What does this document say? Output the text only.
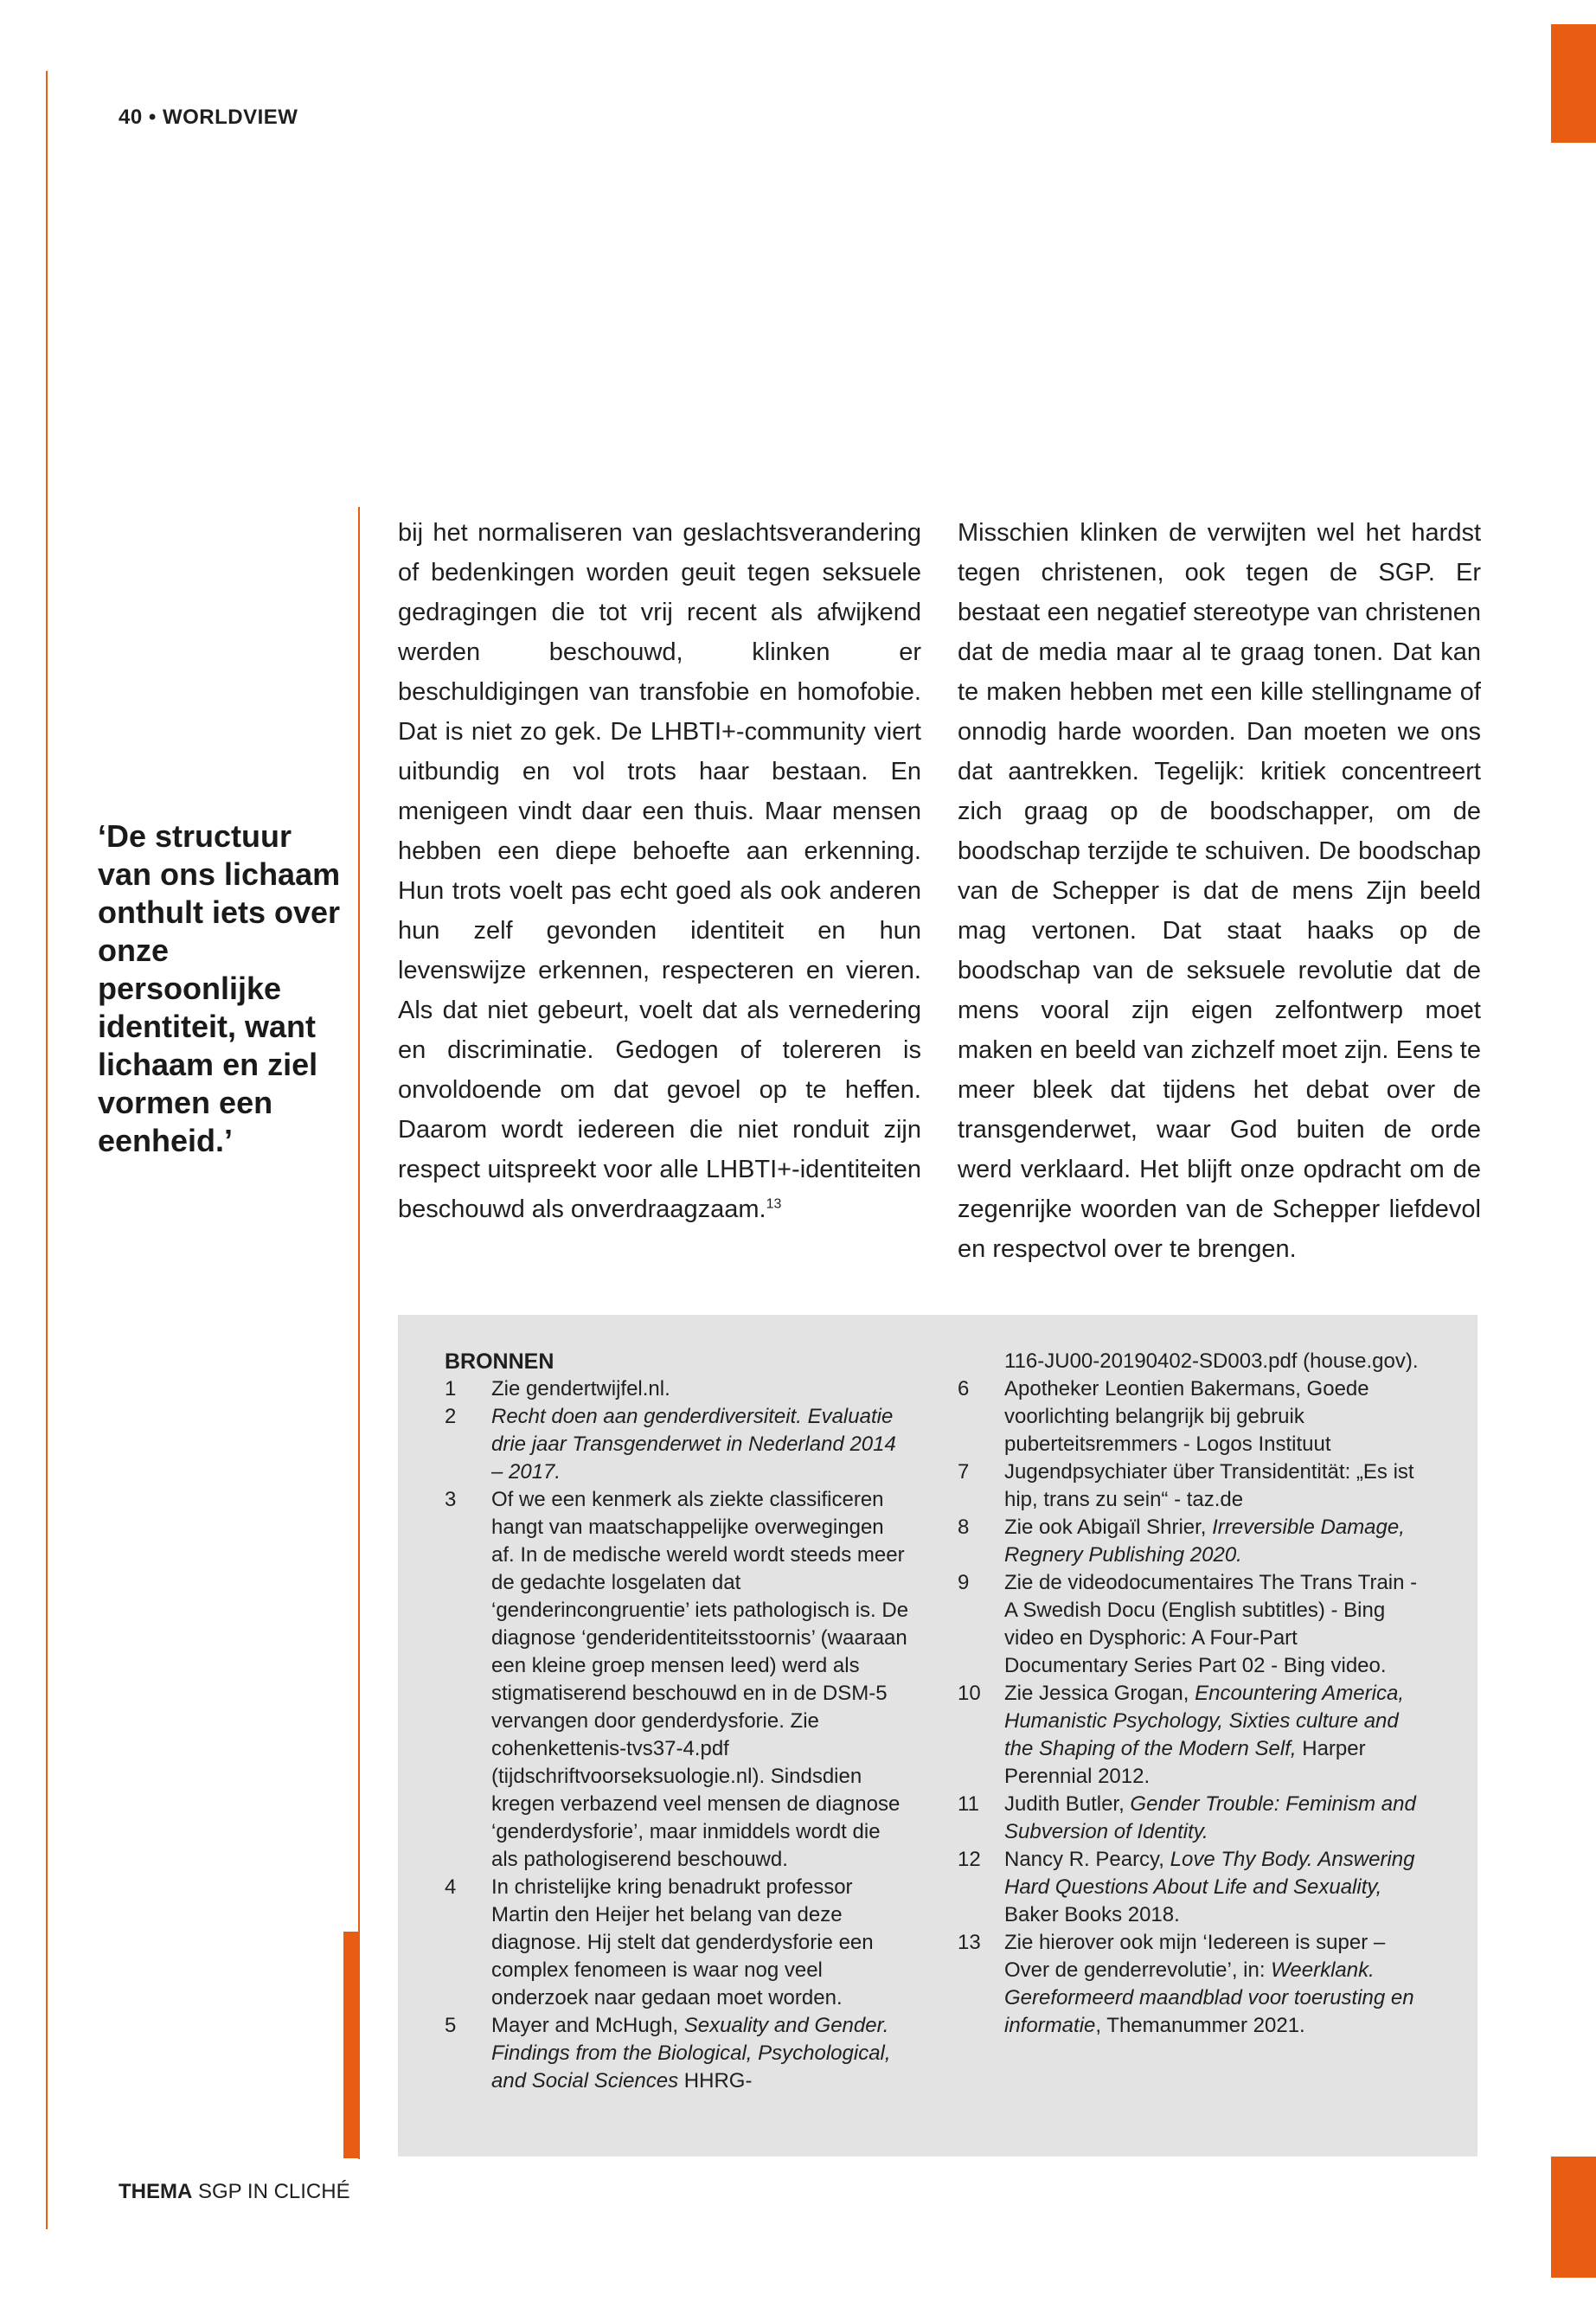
40 • WORLDVIEW
‘De structuur van ons lichaam onthult iets over onze persoonlijke identiteit, want lichaam en ziel vormen een eenheid.’
bij het normaliseren van geslachtsverandering of bedenkingen worden geuit tegen seksuele gedragingen die tot vrij recent als afwijkend werden beschouwd, klinken er beschuldigingen van transfobie en homofobie. Dat is niet zo gek. De LHBTI+-community viert uitbundig en vol trots haar bestaan. En menigeen vindt daar een thuis. Maar mensen hebben een diepe behoefte aan erkenning. Hun trots voelt pas echt goed als ook anderen hun zelf gevonden identiteit en hun levenswijze erkennen, respecteren en vieren. Als dat niet gebeurt, voelt dat als vernedering en discriminatie. Gedogen of tolereren is onvoldoende om dat gevoel op te heffen. Daarom wordt iedereen die niet ronduit zijn respect uitspreekt voor alle LHBTI+-identiteiten beschouwd als onverdraagzaam.$^{13}$
Misschien klinken de verwijten wel het hardst tegen christenen, ook tegen de SGP. Er bestaat een negatief stereotype van christenen dat de media maar al te graag tonen. Dat kan te maken hebben met een kille stellingname of onnodig harde woorden. Dan moeten we ons dat aantrekken. Tegelijk: kritiek concentreert zich graag op de boodschapper, om de boodschap terzijde te schuiven. De boodschap van de Schepper is dat de mens Zijn beeld mag vertonen. Dat staat haaks op de boodschap van de seksuele revolutie dat de mens vooral zijn eigen zelfontwerp moet maken en beeld van zichzelf moet zijn. Eens te meer bleek dat tijdens het debat over de transgenderwet, waar God buiten de orde werd verklaard. Het blijft onze opdracht om de zegenrijke woorden van de Schepper liefdevol en respectvol over te brengen.
BRONNEN
1	Zie gendertwijfel.nl.
2	Recht doen aan genderdiversiteit. Evaluatie drie jaar Transgenderwet in Nederland 2014 – 2017.
3	Of we een kenmerk als ziekte classificeren hangt van maatschappelijke overwegingen af. In de medische wereld wordt steeds meer de gedachte losgelaten dat ‘genderincongruentie’ iets pathologisch is. De diagnose ‘genderidentiteitsstoornis’ (waaraan een kleine groep mensen leed) werd als stigmatiserend beschouwd en in de DSM-5 vervangen door genderdysforie. Zie cohenkettenis-tvs37-4.pdf (tijdschriftvoorseksuologie.nl). Sindsdien kregen verbazend veel mensen de diagnose ‘genderdysforie’, maar inmiddels wordt die als pathologiserend beschouwd.
4	In christelijke kring benadrukt professor Martin den Heijer het belang van deze diagnose. Hij stelt dat genderdysforie een complex fenomeen is waar nog veel onderzoek naar gedaan moet worden.
5	Mayer and McHugh, Sexuality and Gender. Findings from the Biological, Psychological, and Social Sciences HHRG-
116-JU00-20190402-SD003.pdf (house.gov).
6	Apotheker Leontien Bakermans, Goede voorlichting belangrijk bij gebruik puberteitsremmers - Logos Instituut
7	Jugendpsychiater über Transidentität: „Es ist hip, trans zu sein“ - taz.de
8	Zie ook Abigaïl Shrier, Irreversible Damage, Regnery Publishing 2020.
9	Zie de videodocumentaires The Trans Train - A Swedish Docu (English subtitles) - Bing video en Dysphoric: A Four-Part Documentary Series Part 02 - Bing video.
10	Zie Jessica Grogan, Encountering America, Humanistic Psychology, Sixties culture and the Shaping of the Modern Self, Harper Perennial 2012.
11	Judith Butler, Gender Trouble: Feminism and Subversion of Identity.
12	Nancy R. Pearcy, Love Thy Body. Answering Hard Questions About Life and Sexuality, Baker Books 2018.
13	Zie hierover ook mijn ‘Iedereen is super – Over de genderrevolutie’, in: Weerklank. Gereformeerd maandblad voor toerusting en informatie, Themanummer 2021.
THEMA SGP IN CLICHÉ
